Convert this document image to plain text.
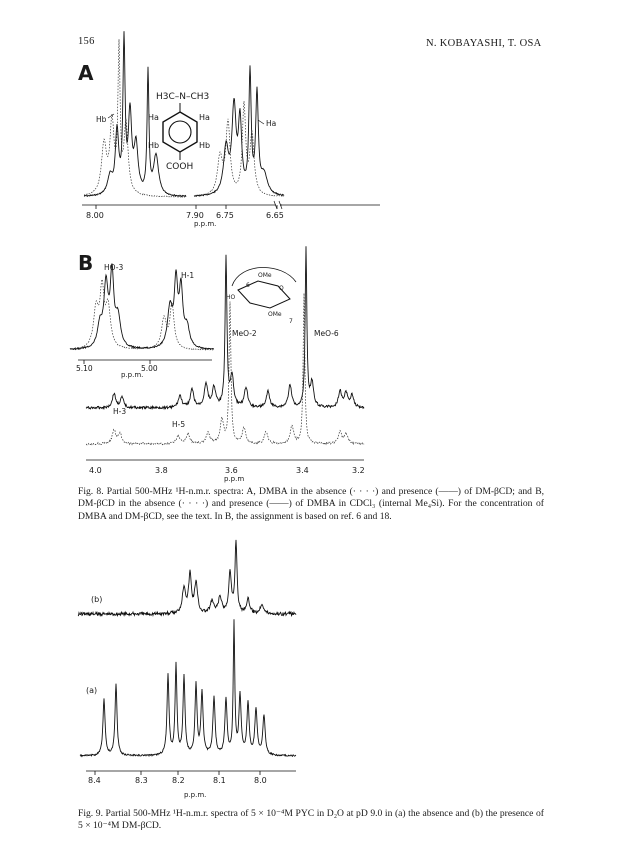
156	N. KOBAYASHI, T. OSA
A
8.00	7.90 6.75	6.65
p.p.m.
Hb	Ha
H3C–N–CH3
COOH
Ha
Hb
Ha
Hb
B
5.10	5.00
p.p.m.
HO-3
H-1
MeO-2	MeO-6
H-3
H-5
6
OMe
HO
OMe
O
7
4.0	3.8	3.6	3.4	3.2
p.p.m
Fig. 8. Partial 500-MHz ¹H-n.m.r. spectra: A, DMBA in the absence (· · · ·) and presence (——) of DM-βCD; and B, DM-βCD in the absence (· · · ·) and presence (——) of DMBA in CDCl₃ (internal Me₄Si). For the concentration of DMBA and DM-βCD, see the text. In B, the assignment is based on ref. 6 and 18.
(b)
(a)
8.4	8.3	8.2	8.1	8.0
p.p.m.
Fig. 9. Partial 500-MHz ¹H-n.m.r. spectra of 5 × 10⁻⁴M PYC in D₂O at pD 9.0 in (a) the absence and (b) the presence of 5 × 10⁻⁴M DM-βCD.
